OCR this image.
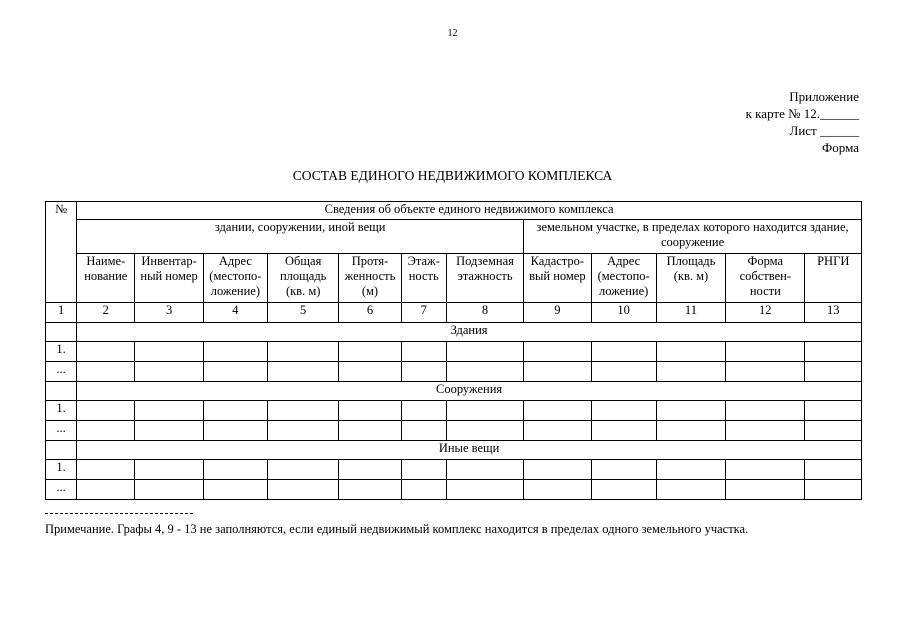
12
Приложение
к карте № 12.______
Лист ______
Форма
СОСТАВ ЕДИНОГО НЕДВИЖИМОГО КОМПЛЕКСА
№	Сведения об объекте единого недвижимого комплекса											
	здании, сооружении, иной вещи							земельном участке, в пределах которого находится здание, сооружение				
	Наиме-нование	Инвентар-ный номер	Адрес (местопо-ложение)	Общая площадь (кв. м)	Протя-женность (м)	Этаж-ность	Подземная этажность	Кадастро-вый номер	Адрес (местопо-ложение)	Площадь (кв. м)	Форма собствен-ности	РНГИ
1	2	3	4	5	6	7	8	9	10	11	12	13
	Здания											
1.												
...												
	Сооружения											
1.												
...												
	Иные вещи											
1.												
...												
Примечание. Графы 4, 9 - 13 не заполняются, если единый недвижимый комплекс находится в пределах одного земельного участка.
